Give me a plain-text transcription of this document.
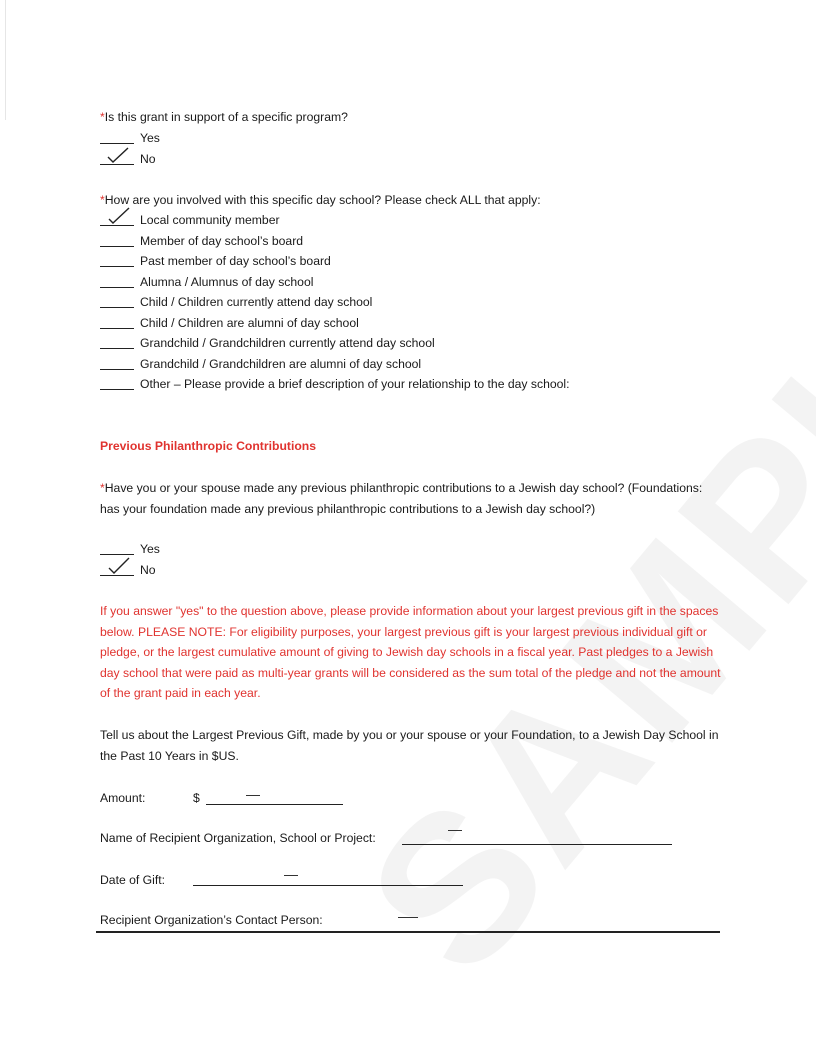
*Is this grant in support of a specific program?
Yes
No
*How are you involved with this specific day school? Please check ALL that apply:
Local community member
Member of day school’s board
Past member of day school’s board
Alumna / Alumnus of day school
Child / Children currently attend day school
Child / Children are alumni of day school
Grandchild / Grandchildren currently attend day school
Grandchild / Grandchildren are alumni of day school
Other – Please provide a brief description of your relationship to the day school:
Previous Philanthropic Contributions
*Have you or your spouse made any previous philanthropic contributions to a Jewish day school? (Foundations: has your foundation made any previous philanthropic contributions to a Jewish day school?)
Yes
No
If you answer "yes" to the question above, please provide information about your largest previous gift in the spaces below. PLEASE NOTE: For eligibility purposes, your largest previous gift is your largest previous individual gift or pledge, or the largest cumulative amount of giving to Jewish day schools in a fiscal year. Past pledges to a Jewish day school that were paid as multi-year grants will be considered as the sum total of the pledge and not the amount of the grant paid in each year.
Tell us about the Largest Previous Gift, made by you or your spouse or your Foundation, to a Jewish Day School in the Past 10 Years in $US.
Amount:	$
Name of Recipient Organization, School or Project:
Date of Gift:
Recipient Organization’s Contact Person:
